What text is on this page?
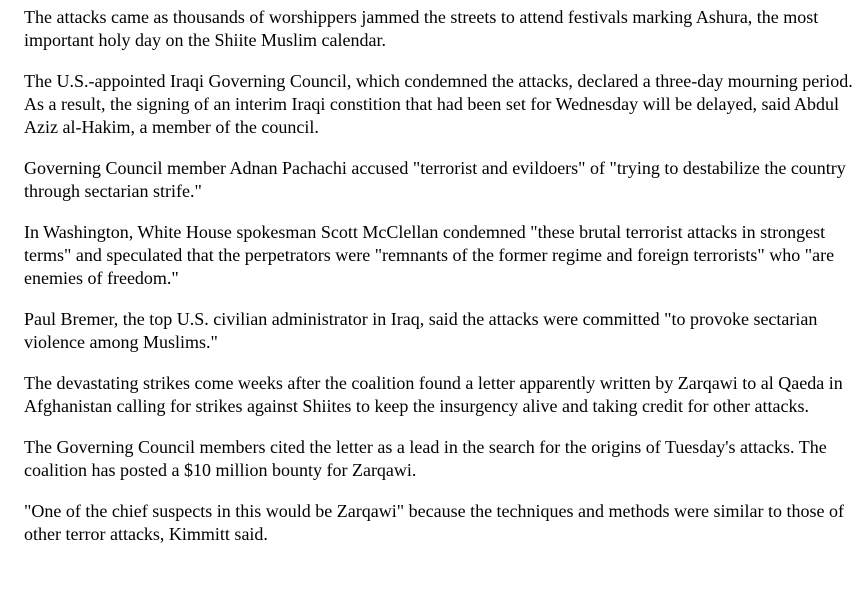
The attacks came as thousands of worshippers jammed the streets to attend festivals marking Ashura, the most important holy day on the Shiite Muslim calendar.

The U.S.-appointed Iraqi Governing Council, which condemned the attacks, declared a three-day mourning period. As a result, the signing of an interim Iraqi constition that had been set for Wednesday will be delayed, said Abdul Aziz al-Hakim, a member of the council.

Governing Council member Adnan Pachachi accused "terrorist and evildoers" of "trying to destabilize the country through sectarian strife."

In Washington, White House spokesman Scott McClellan condemned "these brutal terrorist attacks in strongest terms" and speculated that the perpetrators were "remnants of the former regime and foreign terrorists" who "are enemies of freedom."

Paul Bremer, the top U.S. civilian administrator in Iraq, said the attacks were committed "to provoke sectarian violence among Muslims."

The devastating strikes come weeks after the coalition found a letter apparently written by Zarqawi to al Qaeda in Afghanistan calling for strikes against Shiites to keep the insurgency alive and taking credit for other attacks.

The Governing Council members cited the letter as a lead in the search for the origins of Tuesday's attacks. The coalition has posted a $10 million bounty for Zarqawi.

"One of the chief suspects in this would be Zarqawi" because the techniques and methods were similar to those of other terror attacks, Kimmitt said.
